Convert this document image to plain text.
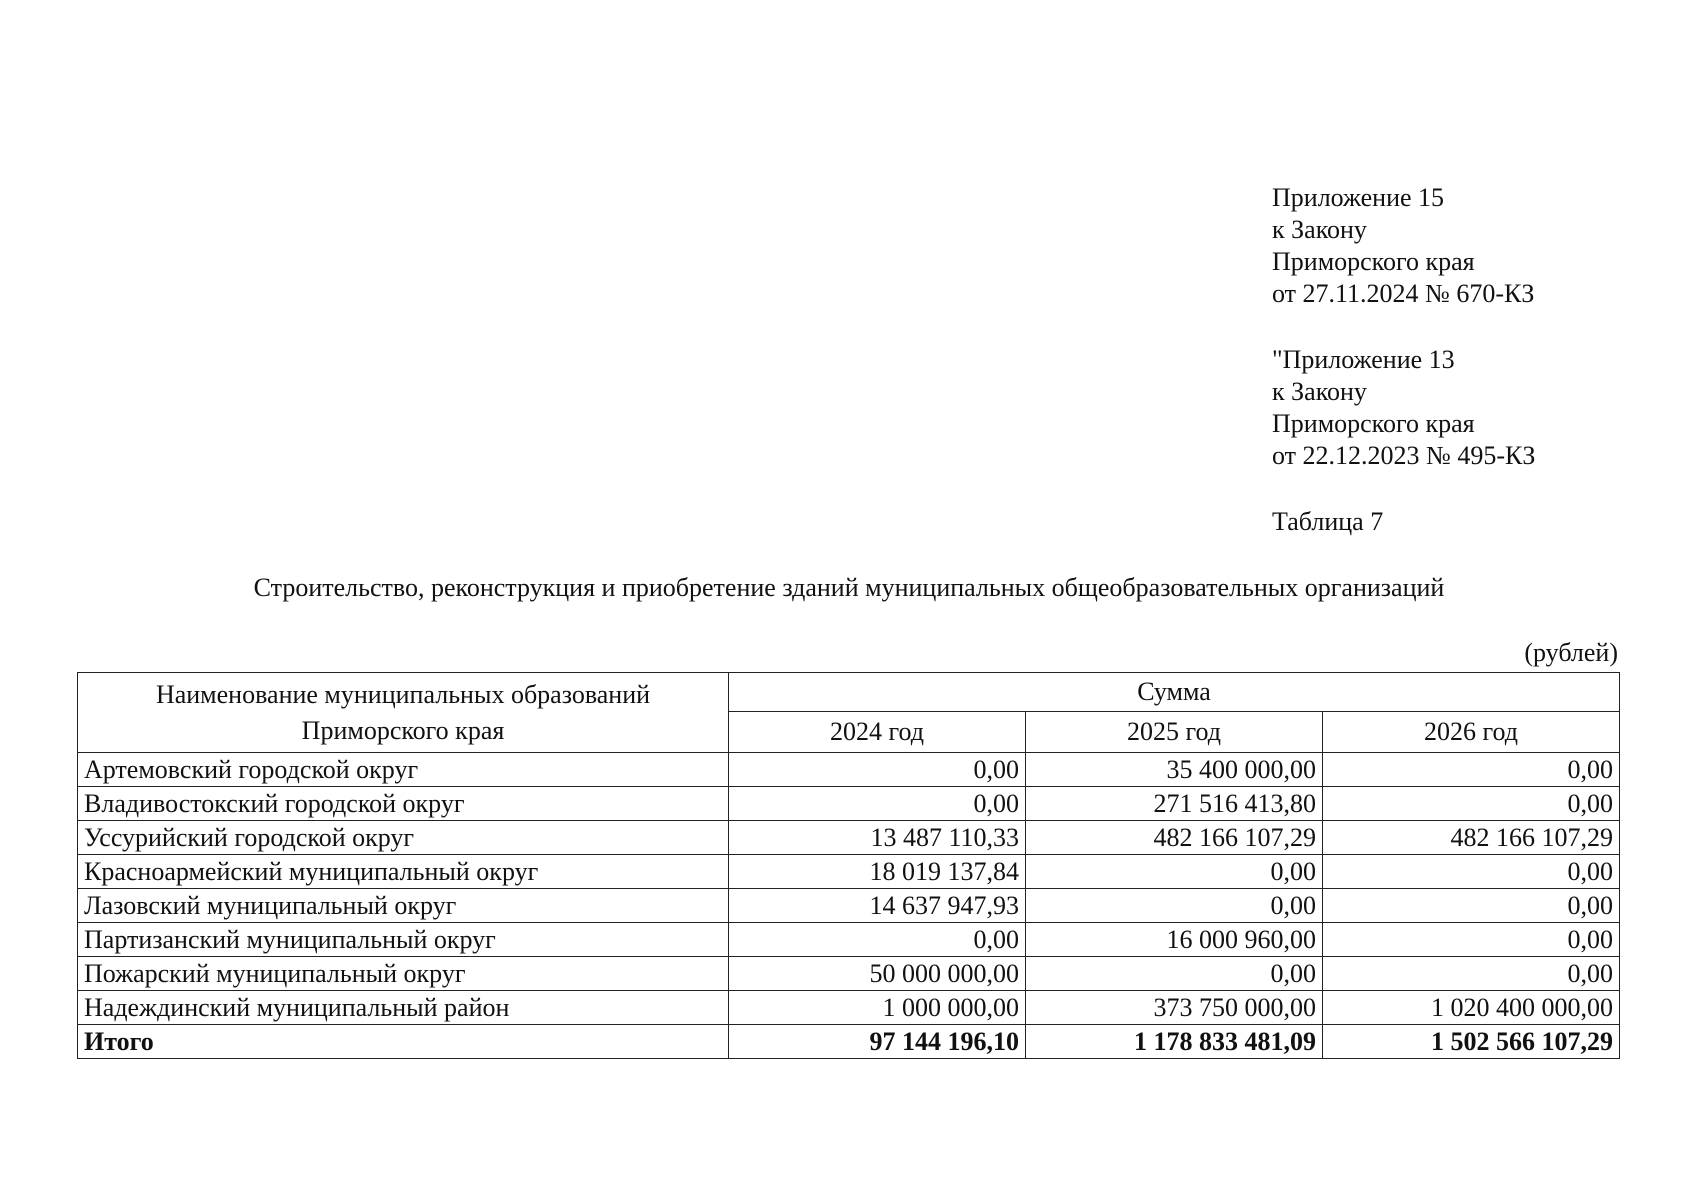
Приложение 15
к Закону
Приморского края
от 27.11.2024 № 670-КЗ
"Приложение 13
к Закону
Приморского края
от 22.12.2023 № 495-КЗ
Таблица 7
Строительство, реконструкция и приобретение зданий муниципальных общеобразовательных организаций
(рублей)
Наименование муниципальных образований
Приморского края	Сумма		
	2024 год	2025 год	2026 год
Артемовский городской округ	0,00	35 400 000,00	0,00
Владивостокский городской округ	0,00	271 516 413,80	0,00
Уссурийский городской округ	13 487 110,33	482 166 107,29	482 166 107,29
Красноармейский муниципальный округ	18 019 137,84	0,00	0,00
Лазовский муниципальный округ	14 637 947,93	0,00	0,00
Партизанский муниципальный округ	0,00	16 000 960,00	0,00
Пожарский муниципальный округ	50 000 000,00	0,00	0,00
Надеждинский муниципальный район	1 000 000,00	373 750 000,00	1 020 400 000,00
Итого	97 144 196,10	1 178 833 481,09	1 502 566 107,29
